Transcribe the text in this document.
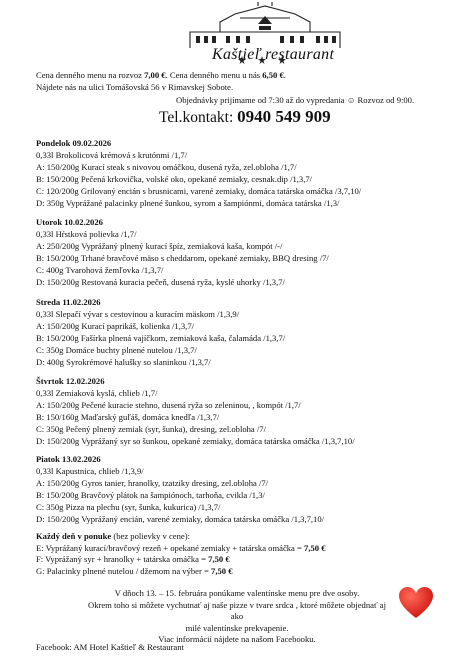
Kaštieľ restaurant
Cena denného menu na rozvoz 7,00 €. Cena denného menu u nás 6,50 €.
Nájdete nás na ulici Tomášovská 56 v Rimavskej Sobote.
Objednávky prijímame od 7:30 až do vypredania ☺ Rozvoz od 9:00.
Tel.kontakt: 0940 549 909
Pondelok 09.02.2026
0,33l Brokolicová krémová s krutónmi /1,7/
A: 150/200g Kurací steak s nivovou omáčkou, dusená ryža, zel.obloha /1,7/
B: 150/200g Pečená krkovička, volské oko, opekané zemiaky, cesnak.dip /1,3,7/
C: 120/200g Grilovaný encián s brusnicami, varené zemiaky, domáca tatárska omáčka /3,7,10/
D: 350g Vyprážané palacinky plnené šunkou, syrom a šampiónmi, domáca tatárska /1,3/
Utorok 10.02.2026
0,33l Hŕstková polievka /1,7/
A: 250/200g Vyprážaný plnený kurací špíz, zemiaková kaša, kompót /-/
B: 150/200g Trhané bravčové mäso s cheddarom, opekané zemiaky, BBQ dresing /7/
C: 400g Tvarohová žemľovka /1,3,7/
D: 150/200g Restovaná kuracia pečeň, dusená ryža, kyslé uhorky /1,3,7/
Streda 11.02.2026
0,33l Slepačí vývar s cestovinou a kuracím mäskom /1,3,9/
A: 150/200g Kurací paprikáš, kolienka /1,3,7/
B: 150/200g Fašírka plnená vajíčkom, zemiaková kaša, čalamáda /1,3,7/
C: 350g Domáce buchty plnené nutelou /1,3,7/
D: 400g Syrokrémové halušky so slaninkou /1,3,7/
Štvrtok 12.02.2026
0,33l Zemiaková kyslá, chlieb /1,7/
A: 150/200g Pečené kuracie stehno, dusená ryža so zeleninou, , kompót /1,7/
B: 150/160g Maďarský guľáš, domáca knedľa /1,3,7/
C: 350g Pečený plnený zemiak (syr, šunka), dresing, zel.obloha /7/
D: 150/200g Vyprážaný syr so šunkou, opekané zemiaky, domáca tatárska omáčka /1,3,7,10/
Piatok 13.02.2026
0,33l Kapustnica, chlieb /1,3,9/
A: 150/200g Gyros tanier, hranolky, tzatziky dresing, zel.obloha /7/
B: 150/200g Bravčový plátok na šampiónoch, tarhoňa, cvikla /1,3/
C: 350g Pizza na plechu (syr, šunka, kukurica) /1,3,7/
D: 150/200g Vyprážaný encián, varené zemiaky, domáca tatárska omáčka /1,3,7,10/
Každý deň v ponuke (bez polievky v cene):
E: Vyprážaný kurací/bravčový rezeň + opekané zemiaky + tatárska omáčka = 7,50 €
F: Vyprážaný syr + hranolky + tatárska omáčka = 7,50 €
G: Palacinky plnené nutelou / džemom na výber = 7,50 €
V dňoch 13. – 15. februára ponúkame valentínske menu pre dve osoby.
Okrem toho si môžete vychutnať aj naše pizze v tvare srdca , ktoré môžete objednať aj ako
milé valentínske prekvapenie.
Viac informácií nájdete na našom Facebooku.
Facebook: AM Hotel Kaštieľ & Restaurant
